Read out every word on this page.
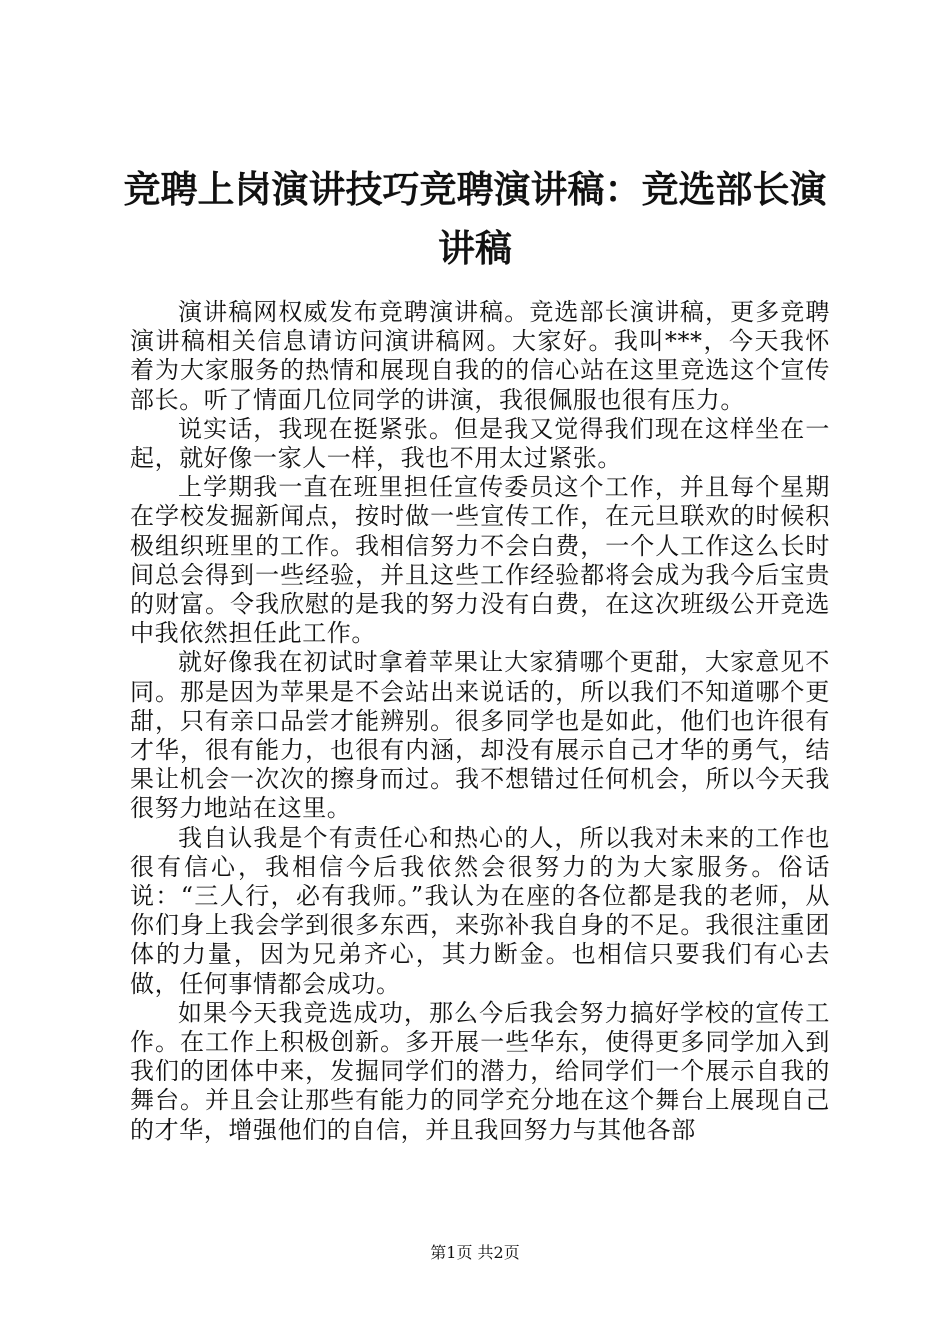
竞聘上岗演讲技巧竞聘演讲稿：竞选部长演讲稿

演讲稿网权威发布竞聘演讲稿。竞选部长演讲稿，更多竞聘演讲稿相关信息请访问演讲稿网。大家好。我叫***，今天我怀着为大家服务的热情和展现自我的的信心站在这里竞选这个宣传部长。听了情面几位同学的讲演，我很佩服也很有压力。

说实话，我现在挺紧张。但是我又觉得我们现在这样坐在一起，就好像一家人一样，我也不用太过紧张。

上学期我一直在班里担任宣传委员这个工作，并且每个星期在学校发掘新闻点，按时做一些宣传工作，在元旦联欢的时候积极组织班里的工作。我相信努力不会白费，一个人工作这么长时间总会得到一些经验，并且这些工作经验都将会成为我今后宝贵的财富。令我欣慰的是我的努力没有白费，在这次班级公开竞选中我依然担任此工作。

就好像我在初试时拿着苹果让大家猜哪个更甜，大家意见不同。那是因为苹果是不会站出来说话的，所以我们不知道哪个更甜，只有亲口品尝才能辨别。很多同学也是如此，他们也许很有才华，很有能力，也很有内涵，却没有展示自己才华的勇气，结果让机会一次次的擦身而过。我不想错过任何机会，所以今天我很努力地站在这里。

我自认我是个有责任心和热心的人，所以我对未来的工作也很有信心，我相信今后我依然会很努力的为大家服务。俗话说：“三人行，必有我师。”我认为在座的各位都是我的老师，从你们身上我会学到很多东西，来弥补我自身的不足。我很注重团体的力量，因为兄弟齐心，其力断金。也相信只要我们有心去做，任何事情都会成功。

如果今天我竞选成功，那么今后我会努力搞好学校的宣传工作。在工作上积极创新。多开展一些华东，使得更多同学加入到我们的团体中来，发掘同学们的潜力，给同学们一个展示自我的舞台。并且会让那些有能力的同学充分地在这个舞台上展现自己的才华，增强他们的自信，并且我回努力与其他各部

第1页 共2页
